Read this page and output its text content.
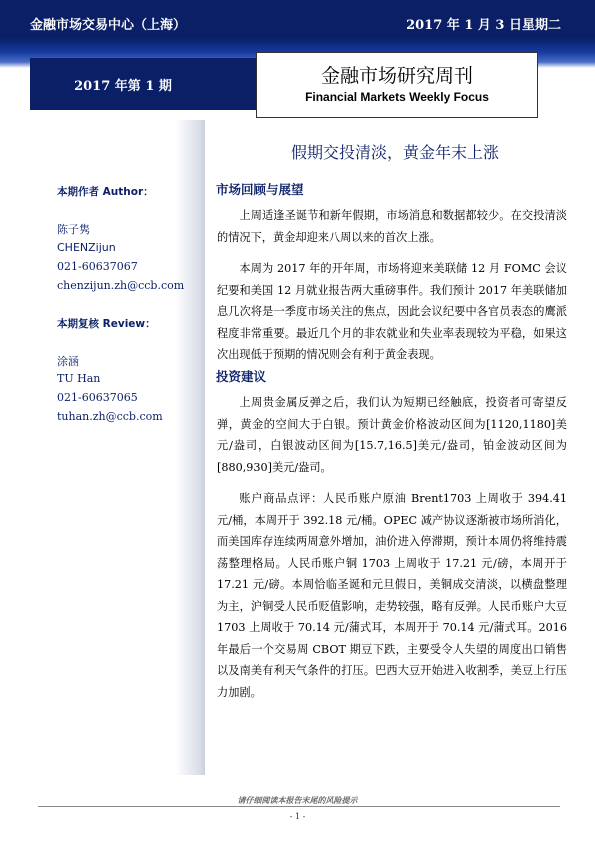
金融市场交易中心（上海）	2017 年 1 月 3 日星期二
2017 年第 1 期	金融市场研究周刊
Financial Markets Weekly Focus
本期作者 Author：
陈子隽
CHENZijun
021-60637067
chenzijun.zh@ccb.com
本期复核 Review：
涂涵
TU Han
021-60637065
tuhan.zh@ccb.com
假期交投清淡，黄金年末上涨
市场回顾与展望

上周适逢圣诞节和新年假期，市场消息和数据都较少。在交投清淡的情况下，黄金却迎来八周以来的首次上涨。

本周为 2017 年的开年周，市场将迎来美联储 12 月 FOMC 会议纪要和美国 12 月就业报告两大重磅事件。我们预计 2017 年美联储加息几次将是一季度市场关注的焦点，因此会议纪要中各官员表态的鹰派程度非常重要。最近几个月的非农就业和失业率表现较为平稳，如果这次出现低于预期的情况则会有利于黄金表现。

投资建议

上周贵金属反弹之后，我们认为短期已经触底，投资者可寄望反弹，黄金的空间大于白银。预计黄金价格波动区间为[1120,1180]美元/盎司，白银波动区间为[15.7,16.5]美元/盎司，铂金波动区间为[880,930]美元/盎司。

账户商品点评：人民币账户原油 Brent1703 上周收于 394.41 元/桶，本周开于 392.18 元/桶。OPEC 减产协议逐渐被市场所消化，而美国库存连续两周意外增加，油价进入停滞期，预计本周仍将维持震荡整理格局。人民币账户铜 1703 上周收于 17.21 元/磅，本周开于 17.21 元/磅。本周恰临圣诞和元旦假日，美铜成交清淡，以横盘整理为主，沪铜受人民币贬值影响，走势较强，略有反弹。人民币账户大豆 1703 上周收于 70.14 元/蒲式耳，本周开于 70.14 元/蒲式耳。2016 年最后一个交易周 CBOT 期豆下跌，主要受令人失望的周度出口销售以及南美有利天气条件的打压。巴西大豆开始进入收割季，美豆上行压力加剧。

请仔细阅读本报告末尾的风险提示
- 1 -
